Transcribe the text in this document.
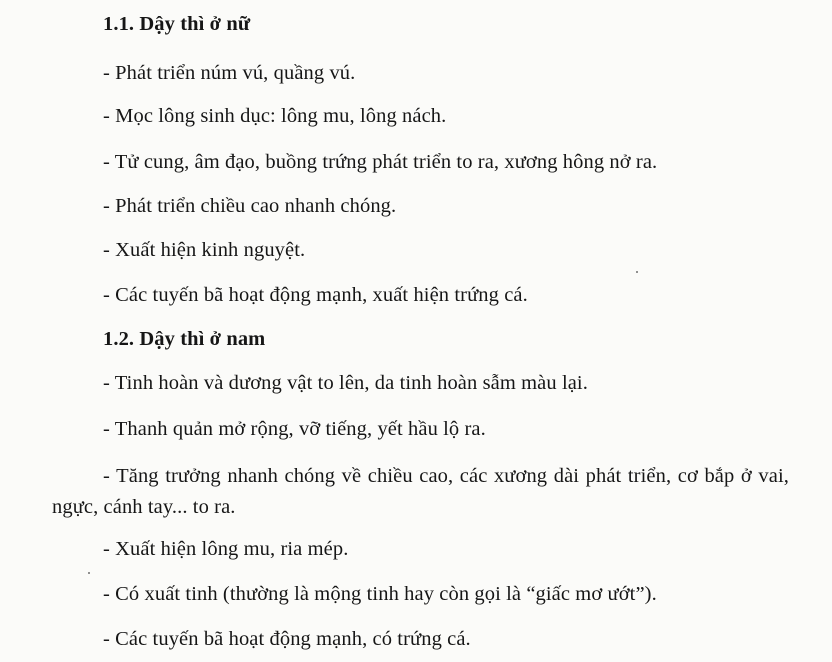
1.1. Dậy thì ở nữ
- Phát triển núm vú, quầng vú.
- Mọc lông sinh dục: lông mu, lông nách.
- Tử cung, âm đạo, buồng trứng phát triển to ra, xương hông nở ra.
- Phát triển chiều cao nhanh chóng.
- Xuất hiện kinh nguyệt.
- Các tuyến bã hoạt động mạnh, xuất hiện trứng cá.
1.2. Dậy thì ở nam
- Tinh hoàn và dương vật to lên, da tinh hoàn sẫm màu lại.
- Thanh quản mở rộng, vỡ tiếng, yết hầu lộ ra.
- Tăng trưởng nhanh chóng về chiều cao, các xương dài phát triển, cơ bắp ở vai, ngực, cánh tay... to ra.
- Xuất hiện lông mu, ria mép.
- Có xuất tinh (thường là mộng tinh hay còn gọi là “giấc mơ ướt”).
- Các tuyến bã hoạt động mạnh, có trứng cá.
